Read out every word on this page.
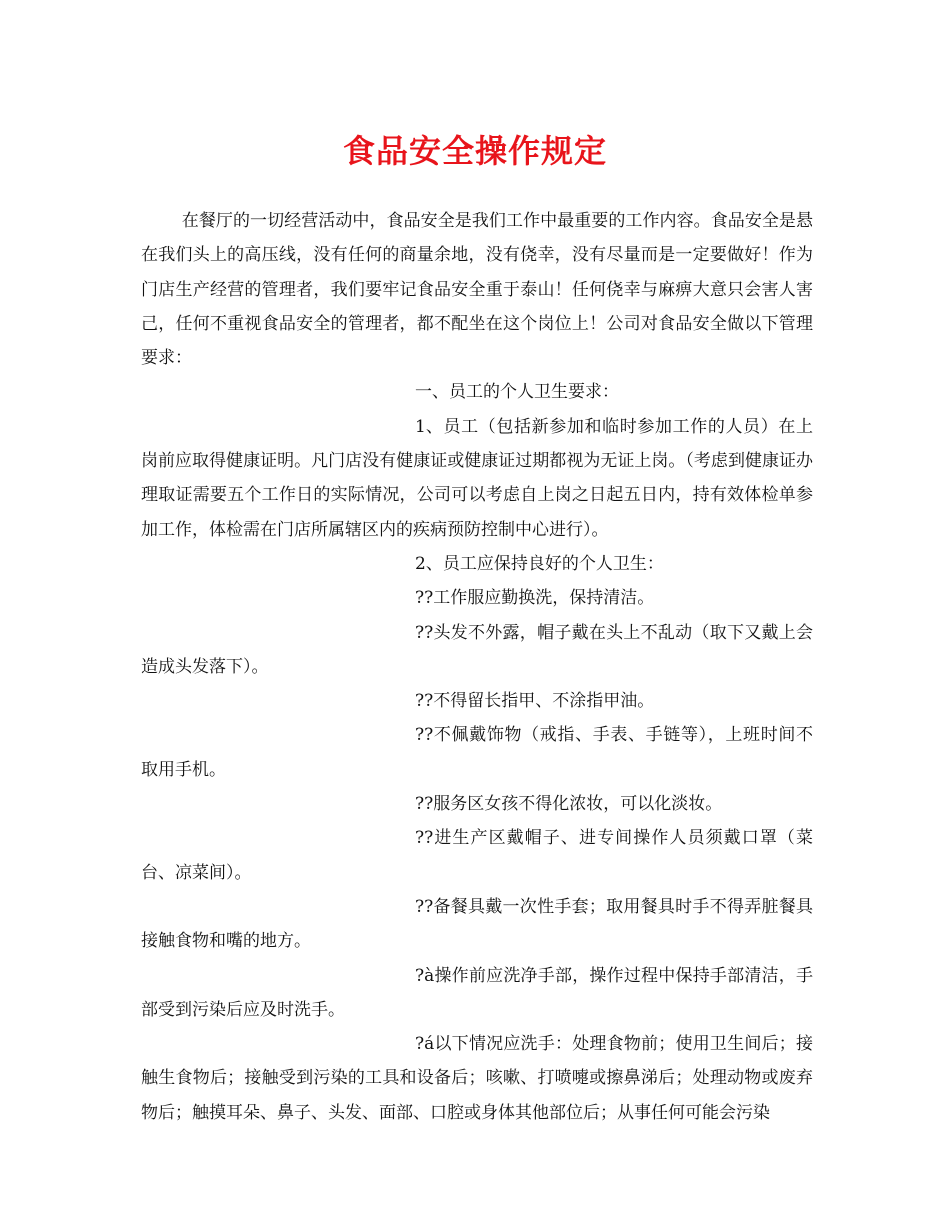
食品安全操作规定

在餐厅的一切经营活动中，食品安全是我们工作中最重要的工作内容。食品安全是悬在我们头上的高压线，没有任何的商量余地，没有侥幸，没有尽量而是一定要做好！作为门店生产经营的管理者，我们要牢记食品安全重于泰山！任何侥幸与麻痹大意只会害人害己，任何不重视食品安全的管理者，都不配坐在这个岗位上！公司对食品安全做以下管理要求：

一、员工的个人卫生要求：

1、员工（包括新参加和临时参加工作的人员）在上岗前应取得健康证明。凡门店没有健康证或健康证过期都视为无证上岗。（考虑到健康证办理取证需要五个工作日的实际情况，公司可以考虑自上岗之日起五日内，持有效体检单参加工作，体检需在门店所属辖区内的疾病预防控制中心进行）。

2、员工应保持良好的个人卫生：

??工作服应勤换洗，保持清洁。

??头发不外露，帽子戴在头上不乱动（取下又戴上会造成头发落下）。

??不得留长指甲、不涂指甲油。

??不佩戴饰物（戒指、手表、手链等），上班时间不取用手机。

??服务区女孩不得化浓妆，可以化淡妆。

??进生产区戴帽子、进专间操作人员须戴口罩（菜台、凉菜间）。

??备餐具戴一次性手套；取用餐具时手不得弄脏餐具接触食物和嘴的地方。

?à操作前应洗净手部，操作过程中保持手部清洁，手部受到污染后应及时洗手。

?á以下情况应洗手：处理食物前；使用卫生间后；接触生食物后；接触受到污染的工具和设备后；咳嗽、打喷嚏或擦鼻涕后；处理动物或废弃物后；触摸耳朵、鼻子、头发、面部、口腔或身体其他部位后；从事任何可能会污染
